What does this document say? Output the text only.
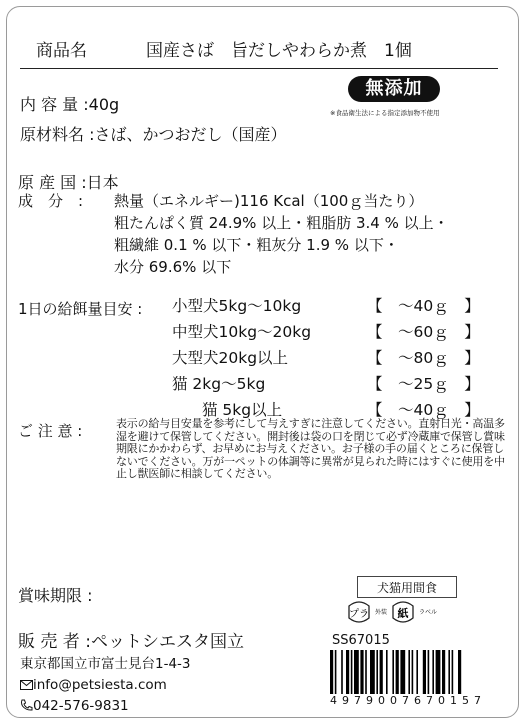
商品名	国産さば　旨だしやわらか煮　1個
内 容 量 :40g
無添加
※食品衛生法による指定添加物不使用
原材料名 :さば、かつおだし（国産）
原 産 国 :日本
成　分　: 熱量（エネルギー)116 Kcal（100ｇ当たり）
粗たんぱく質 24.9% 以上・粗脂肪 3.4 % 以上・
粗繊維 0.1 % 以下・粗灰分 1.9 % 以下・
水分 69.6% 以下
1日の給餌量目安 : 小型犬5kg〜10kg	【　～40ｇ　】
中型犬10kg〜20kg	【　～60ｇ　】
大型犬20kg以上	【　～80ｇ　】
猫 2kg〜5kg	【　～25ｇ　】
猫 5kg以上	【　～40ｇ　】
ご 注 意 :	表示の給与目安量を参考にして与えすぎに注意してください。直射日光・高温多湿を避けて保管してください。開封後は袋の口を閉じて必ず冷蔵庫で保管し賞味期限にかかわらず、お早めにお与えください。お子様の手の届くところに保管しないでください。万が一ペットの体調等に異常が見られた時にはすぐに使用を中止し獣医師に相談してください。
賞味期限 :	犬猫用間食
プラ 外装 紙 ラベル
販 売 者 :ペットシエスタ国立	SS67015
東京都国立市富士見台1-4-3
info@petsiesta.com
042-576-9831	4979007670157
